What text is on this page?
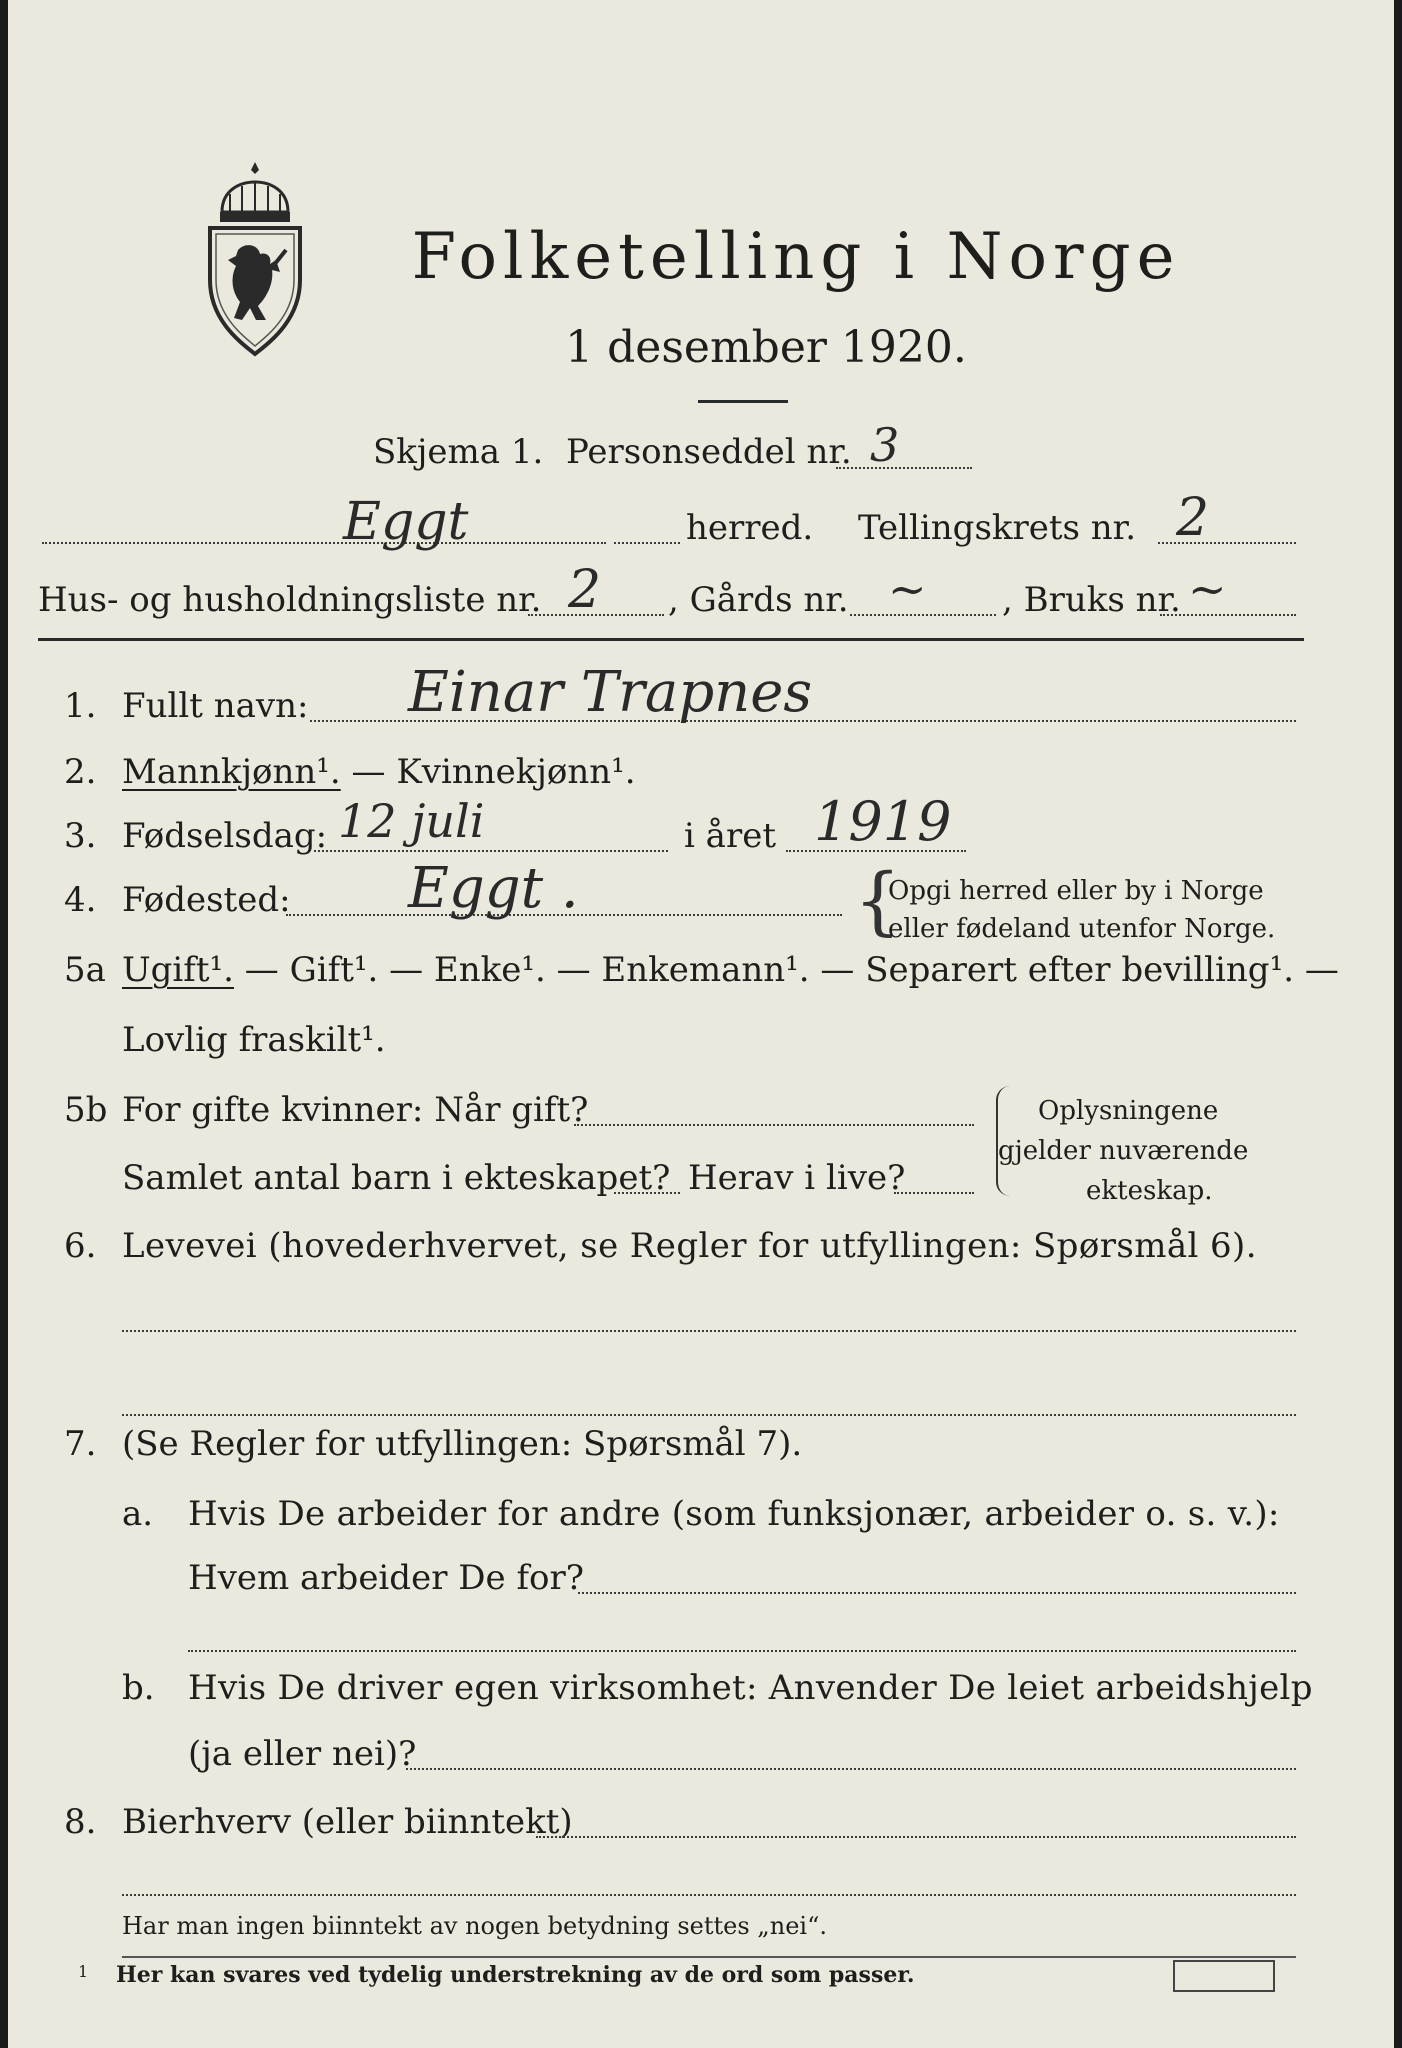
Folketelling i Norge
1 desember 1920.
Skjema 1. Personseddel nr. 3
Eggt	herred. Tellingskrets nr. 2
Hus- og husholdningsliste nr. 2 , Gårds nr. ~ , Bruks nr. ~
1. Fullt navn: Einar Trapnes
2. Mannkjønn¹. — Kvinnekjønn¹.
3. Fødselsdag: 12 juli	i året 1919
4. Fødested: Eggt .	{
Opgi herred eller by i Norge
eller fødeland utenfor Norge.
5a Ugift¹. — Gift¹. — Enke¹. — Enkemann¹. — Separert efter bevilling¹. —
Lovlig fraskilt¹.
5b For gifte kvinner: Når gift?
Samlet antal barn i ekteskapet? Herav i live?
Oplysningene
gjelder nuværende
ekteskap.
6. Levevei (hovederhvervet, se Regler for utfyllingen: Spørsmål 6).
7. (Se Regler for utfyllingen: Spørsmål 7).
a. Hvis De arbeider for andre (som funksjonær, arbeider o. s. v.):
Hvem arbeider De for?
b. Hvis De driver egen virksomhet: Anvender De leiet arbeidshjelp
(ja eller nei)?
8. Bierhverv (eller biinntekt)
Har man ingen biinntekt av nogen betydning settes „nei“.
1 Her kan svares ved tydelig understrekning av de ord som passer.
